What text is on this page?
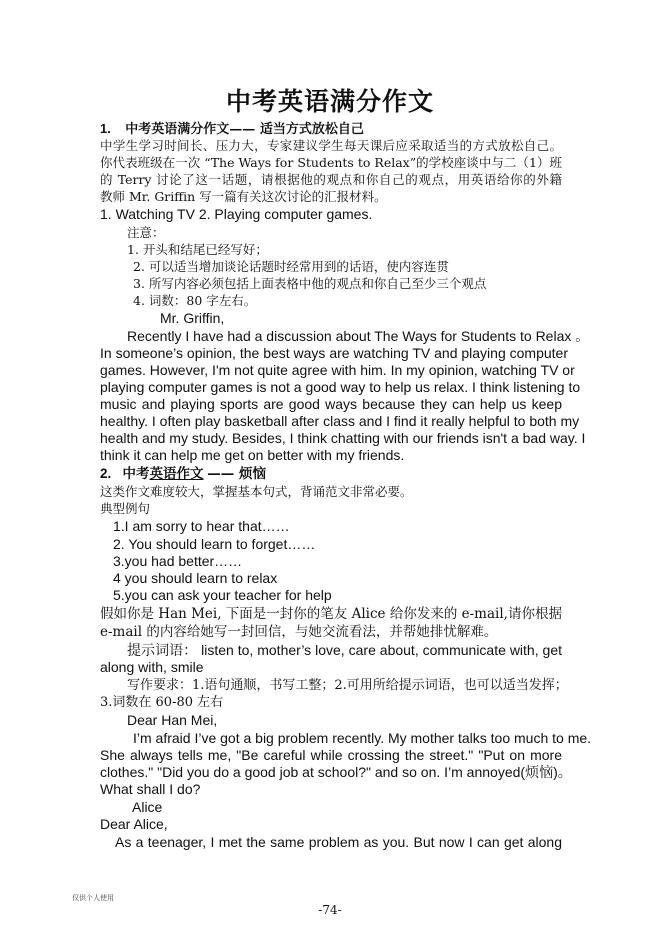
中考英语满分作文
1. 中考英语满分作文—— 适当方式放松自己
中学生学习时间长、压力大，专家建议学生每天课后应采取适当的方式放松自己。
你代表班级在一次 “The Ways for Students to Relax”的学校座谈中与二（1）班
的 Terry 讨论了这一话题，请根据他的观点和你自己的观点，用英语给你的外籍
教师 Mr. Griffin 写一篇有关这次讨论的汇报材料。
1. Watching TV 2. Playing computer games.
注意：
1. 开头和结尾已经写好；
2. 可以适当增加谈论话题时经常用到的话语，使内容连贯
3. 所写内容必须包括上面表格中他的观点和你自己至少三个观点
4. 词数：80 字左右。
Mr. Griffin,
Recently I have had a discussion about The Ways for Students to Relax 。
In someone’s opinion, the best ways are watching TV and playing computer
games. However, I'm not quite agree with him. In my opinion, watching TV or
playing computer games is not a good way to help us relax. I think listening to
music and playing sports are good ways because they can help us keep
healthy. I often play basketball after class and I find it really helpful to both my
health and my study. Besides, I think chatting with our friends isn't a bad way. I
think it can help me get on better with my friends.
2. 中考英语作文 —— 烦恼
这类作文难度较大，掌握基本句式，背诵范文非常必要。
典型例句
1.I am sorry to hear that……
2. You should learn to forget……
3.you had better……
4 you should learn to relax
5.you can ask your teacher for help
假如你是 Han Mei, 下面是一封你的笔友 Alice 给你发来的 e-mail,请你根据
e-mail 的内容给她写一封回信，与她交流看法，并帮她排忧解难。
提示词语： listen to, mother’s love, care about, communicate with, get
along with, smile
写作要求：1.语句通顺，书写工整；2.可用所给提示词语，也可以适当发挥；
3.词数在 60-80 左右
Dear Han Mei,
I’m afraid I’ve got a big problem recently. My mother talks too much to me.
She always tells me, "Be careful while crossing the street." "Put on more
clothes." "Did you do a good job at school?" and so on. I’m annoyed(烦恼)。
What shall I do?
Alice
Dear Alice,
As a teenager, I met the same problem as you. But now I can get along
仅供个人使用
-74-
